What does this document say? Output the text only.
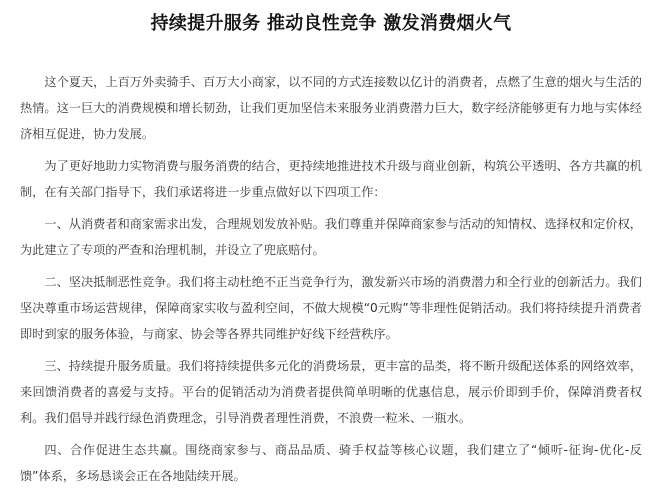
持续提升服务 推动良性竞争 激发消费烟火气

这个夏天，上百万外卖骑手、百万大小商家，以不同的方式连接数以亿计的消费者，点燃了生意的烟火与生活的热情。这一巨大的消费规模和增长韧劲，让我们更加坚信未来服务业消费潜力巨大，数字经济能够更有力地与实体经济相互促进，协力发展。

为了更好地助力实物消费与服务消费的结合，更持续地推进技术升级与商业创新，构筑公平透明、各方共赢的机制，在有关部门指导下，我们承诺将进一步重点做好以下四项工作：

一、从消费者和商家需求出发，合理规划发放补贴。我们尊重并保障商家参与活动的知情权、选择权和定价权，为此建立了专项的严查和治理机制，并设立了兜底赔付。

二、坚决抵制恶性竞争。我们将主动杜绝不正当竞争行为，激发新兴市场的消费潜力和全行业的创新活力。我们坚决尊重市场运营规律，保障商家实收与盈利空间，不做大规模“0元购”等非理性促销活动。我们将持续提升消费者即时到家的服务体验，与商家、协会等各界共同维护好线下经营秩序。

三、持续提升服务质量。我们将持续提供多元化的消费场景，更丰富的品类，将不断升级配送体系的网络效率，来回馈消费者的喜爱与支持。平台的促销活动为消费者提供简单明晰的优惠信息，展示价即到手价，保障消费者权利。我们倡导并践行绿色消费理念，引导消费者理性消费，不浪费一粒米、一瓶水。

四、合作促进生态共赢。围绕商家参与、商品品质、骑手权益等核心议题，我们建立了“倾听-征询-优化-反馈”体系，多场恳谈会正在各地陆续开展。
